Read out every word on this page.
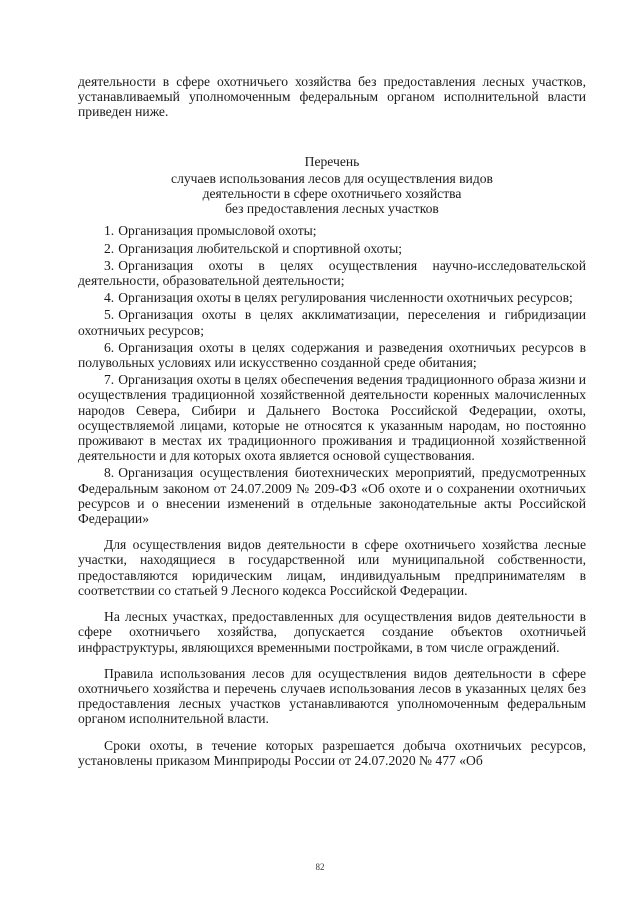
деятельности в сфере охотничьего хозяйства без предоставления лесных участков, устанавливаемый уполномоченным федеральным органом исполнительной власти приведен ниже.

Перечень
случаев использования лесов для осуществления видов
деятельности в сфере охотничьего хозяйства
без предоставления лесных участков

1. Организация промысловой охоты;

2. Организация любительской и спортивной охоты;

3. Организация охоты в целях осуществления научно-исследовательской деятельности, образовательной деятельности;

4. Организация охоты в целях регулирования численности охотничьих ресурсов;

5. Организация охоты в целях акклиматизации, переселения и гибридизации охотничьих ресурсов;

6. Организация охоты в целях содержания и разведения охотничьих ресурсов в полувольных условиях или искусственно созданной среде обитания;

7. Организация охоты в целях обеспечения ведения традиционного образа жизни и осуществления традиционной хозяйственной деятельности коренных малочисленных народов Севера, Сибири и Дальнего Востока Российской Федерации, охоты, осуществляемой лицами, которые не относятся к указанным народам, но постоянно проживают в местах их традиционного проживания и традиционной хозяйственной деятельности и для которых охота является основой существования.

8. Организация осуществления биотехнических мероприятий, предусмотренных Федеральным законом от 24.07.2009 № 209-ФЗ «Об охоте и о сохранении охотничьих ресурсов и о внесении изменений в отдельные законодательные акты Российской Федерации»

Для осуществления видов деятельности в сфере охотничьего хозяйства лесные участки, находящиеся в государственной или муниципальной собственности, предоставляются юридическим лицам, индивидуальным предпринимателям в соответствии со статьей 9 Лесного кодекса Российской Федерации.

На лесных участках, предоставленных для осуществления видов деятельности в сфере охотничьего хозяйства, допускается создание объектов охотничьей инфраструктуры, являющихся временными постройками, в том числе ограждений.

Правила использования лесов для осуществления видов деятельности в сфере охотничьего хозяйства и перечень случаев использования лесов в указанных целях без предоставления лесных участков устанавливаются уполномоченным федеральным органом исполнительной власти.

Сроки охоты, в течение которых разрешается добыча охотничьих ресурсов, установлены приказом Минприроды России от 24.07.2020 № 477 «Об

82
